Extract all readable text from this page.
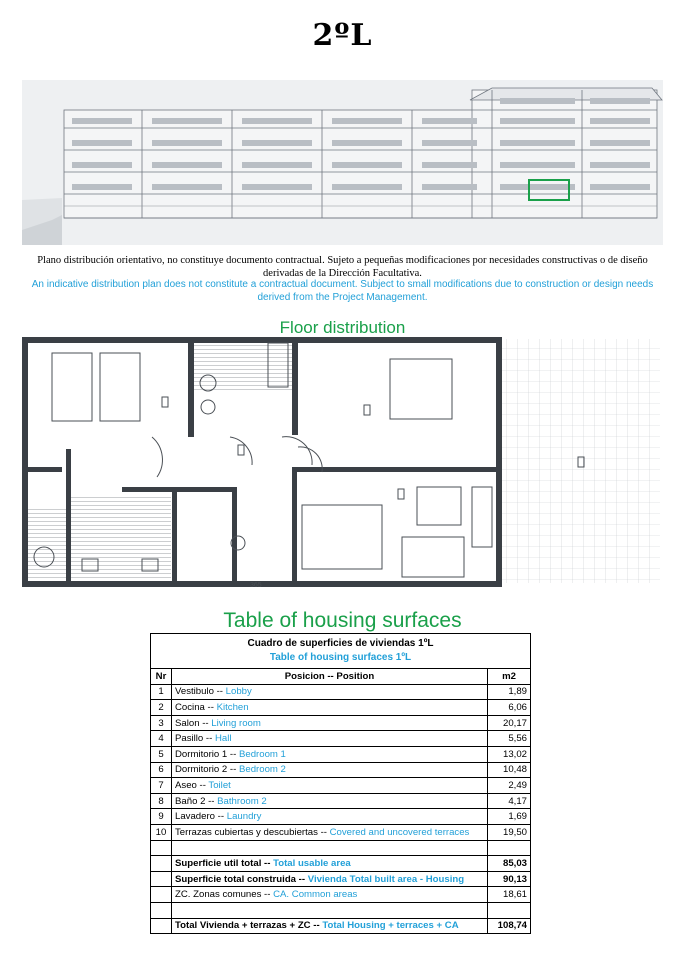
2ºL
Plano distribución orientativo, no constituye documento contractual. Sujeto a pequeñas modificaciones por necesidades constructivas o de diseño derivadas de la Dirección Facultativa.
An indicative distribution plan does not constitute a contractual document. Subject to small modifications due to construction or design needs derived from the Project Management.
Floor distribution
365
Table of housing surfaces
Cuadro de superficies de viviendas 1ºL
Table of housing surfaces 1ºL
Nr	Posicion -- Position	m2
1	Vestibulo -- Lobby	1,89
2	Cocina -- Kitchen	6,06
3	Salon -- Living room	20,17
4	Pasillo -- Hall	5,56
5	Dormitorio 1 -- Bedroom 1	13,02
6	Dormitorio 2 -- Bedroom 2	10,48
7	Aseo -- Toilet	2,49
8	Baño 2 -- Bathroom 2	4,17
9	Lavadero -- Laundry	1,69
10	Terrazas cubiertas y descubiertas -- Covered and uncovered terraces	19,50

	Superficie util total -- Total usable area	85,03
	Superficie total construida -- Vivienda Total built area - Housing	90,13
	ZC. Zonas comunes -- CA. Common areas	18,61

	Total Vivienda + terrazas + ZC -- Total Housing + terraces + CA	108,74
